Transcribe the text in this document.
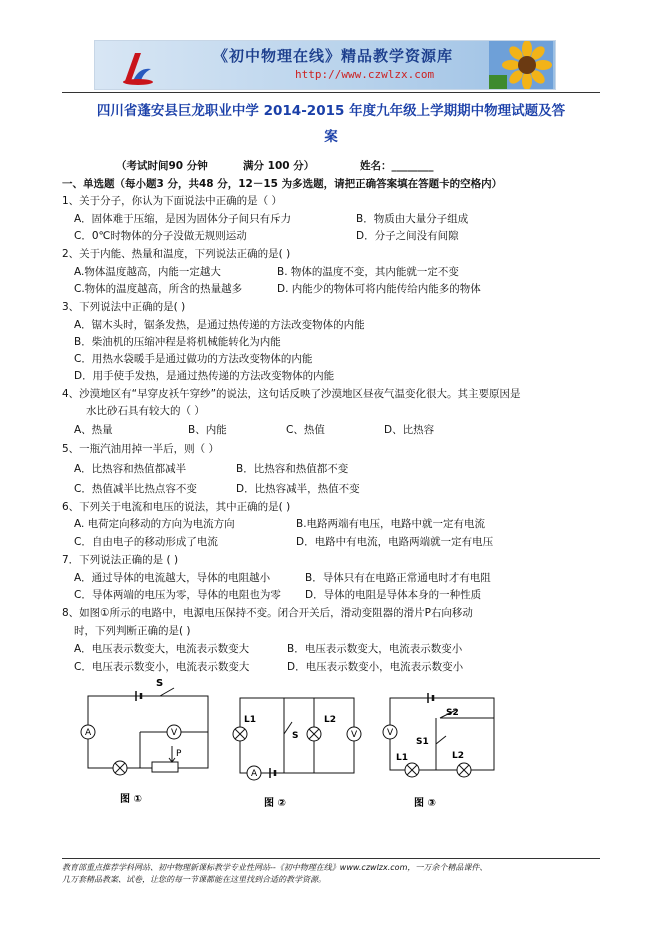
《初中物理在线》精品教学资源库
http://www.czwlzx.com
四川省蓬安县巨龙职业中学 2014-2015 年度九年级上学期期中物理试题及答
案
（考试时间90 分钟	满分 100 分）	姓名：________
一、单选题（每小题3 分，共48 分，12－15 为多选题，请把正确答案填在答题卡的空格内）
1、关于分子，你认为下面说法中正确的是（ ）
A．固体难于压缩，是因为固体分子间只有斥力	B．物质由大量分子组成
C．0℃时物体的分子没做无规则运动	D．分子之间没有间隙
2、关于内能、热量和温度，下列说法正确的是( )
A.物体温度越高，内能一定越大	B. 物体的温度不变，其内能就一定不变
C.物体的温度越高，所含的热量越多	D. 内能少的物体可将内能传给内能多的物体
3、下列说法中正确的是( )
A．锯木头时，锯条发热，是通过热传递的方法改变物体的内能
B．柴油机的压缩冲程是将机械能转化为内能
C．用热水袋暖手是通过做功的方法改变物体的内能
D．用手使手发热，是通过热传递的方法改变物体的内能
4、沙漠地区有“早穿皮袄午穿纱”的说法，这句话反映了沙漠地区昼夜气温变化很大。其主要原因是
水比砂石具有较大的（ ）
A、热量	B、内能	C、热值	D、比热容
5、一瓶汽油用掉一半后，则（ ）
A．比热容和热值都减半	B．比热容和热值都不变
C．热值减半比热点容不变	D．比热容减半，热值不变
6、下列关于电流和电压的说法，其中正确的是( )
A. 电荷定向移动的方向为电流方向	B.电路两端有电压，电路中就一定有电流
C．自由电子的移动形成了电流	D．电路中有电流，电路两端就一定有电压
7．下列说法正确的是 ( )
A．通过导体的电流越大，导体的电阻越小	B．导体只有在电路正常通电时才有电阻
C．导体两端的电压为零，导体的电阻也为零 D．导体的电阻是导体本身的一种性质
8、如图①所示的电路中，电源电压保持不变。闭合开关后，滑动变阻器的滑片P右向移动
时，下列判断正确的是( )
A．电压表示数变大，电流表示数变大	B．电压表示数变大，电流表示数变小
C．电压表示数变小，电流表示数变大	D．电压表示数变小，电流表示数变小
A	V
S
P
图 ①
V
A
L1	L2
S
图 ②
V
S2
S1
L1	L2
图 ③
教育部重点推荐学科网站、初中物理新课标教学专业性网站--《初中物理在线》www.czwlzx.com，一万余个精品课件、
几万套精品教案、试卷，让您的每一节课都能在这里找到合适的教学资源。
